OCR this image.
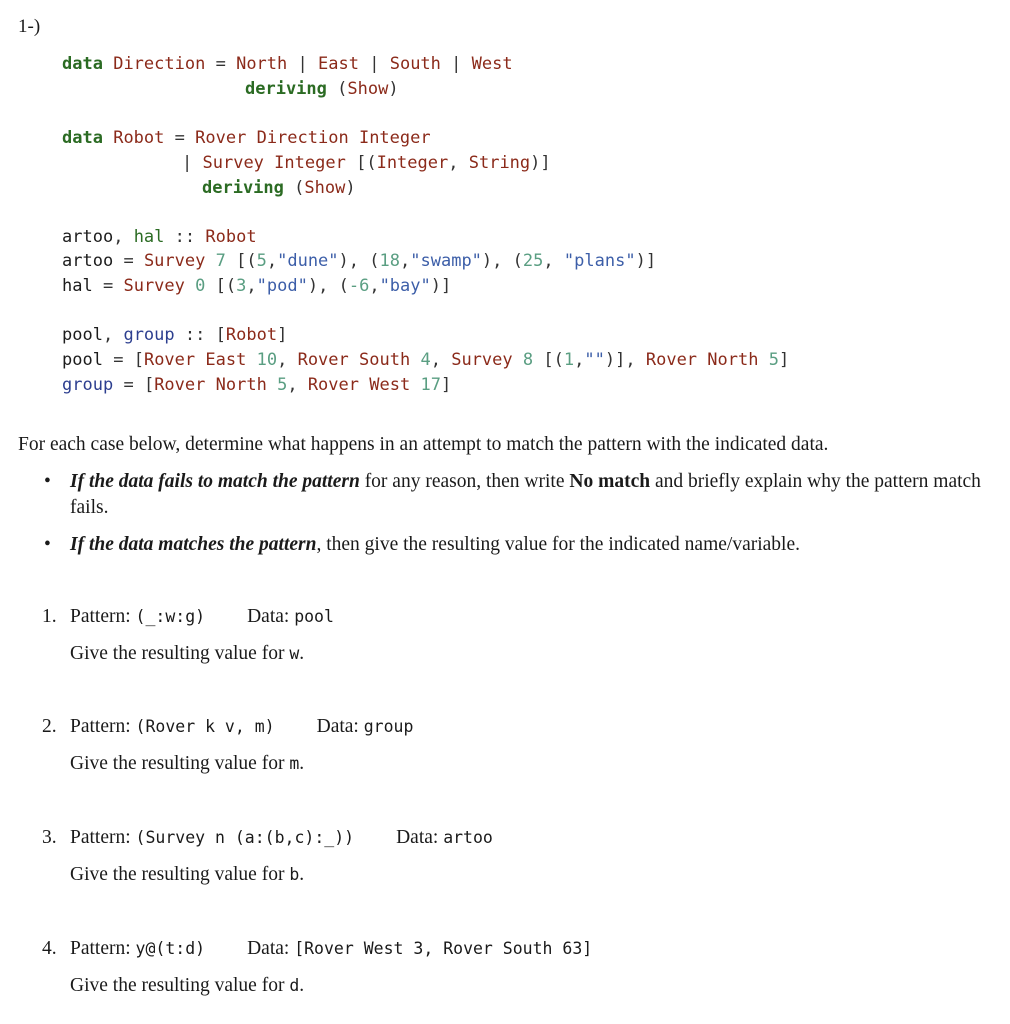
1-)

data Direction = North | East | South | West

deriving (Show)

data Robot = Rover Direction Integer

| Survey Integer [(Integer, String)]

deriving (Show)

artoo, hal :: Robot

artoo = Survey 7 [(5,"dune"), (18,"swamp"), (25, "plans")]

hal = Survey 0 [(3,"pod"), (-6,"bay")]

pool, group :: [Robot]

pool = [Rover East 10, Rover South 4, Survey 8 [(1,"")], Rover North 5]

group = [Rover North 5, Rover West 17]

For each case below, determine what happens in an attempt to match the pattern with the indicated data.
• If the data fails to match the pattern for any reason, then write No match and briefly explain why the pattern match fails.
• If the data matches the pattern, then give the resulting value for the indicated name/variable.
1. Pattern: (_:w:g) Data: pool
Give the resulting value for w.
2. Pattern: (Rover k v, m) Data: group
Give the resulting value for m.
3. Pattern: (Survey n (a:(b,c):_)) Data: artoo
Give the resulting value for b.
4. Pattern: y@(t:d) Data: [Rover West 3, Rover South 63]
Give the resulting value for d.
